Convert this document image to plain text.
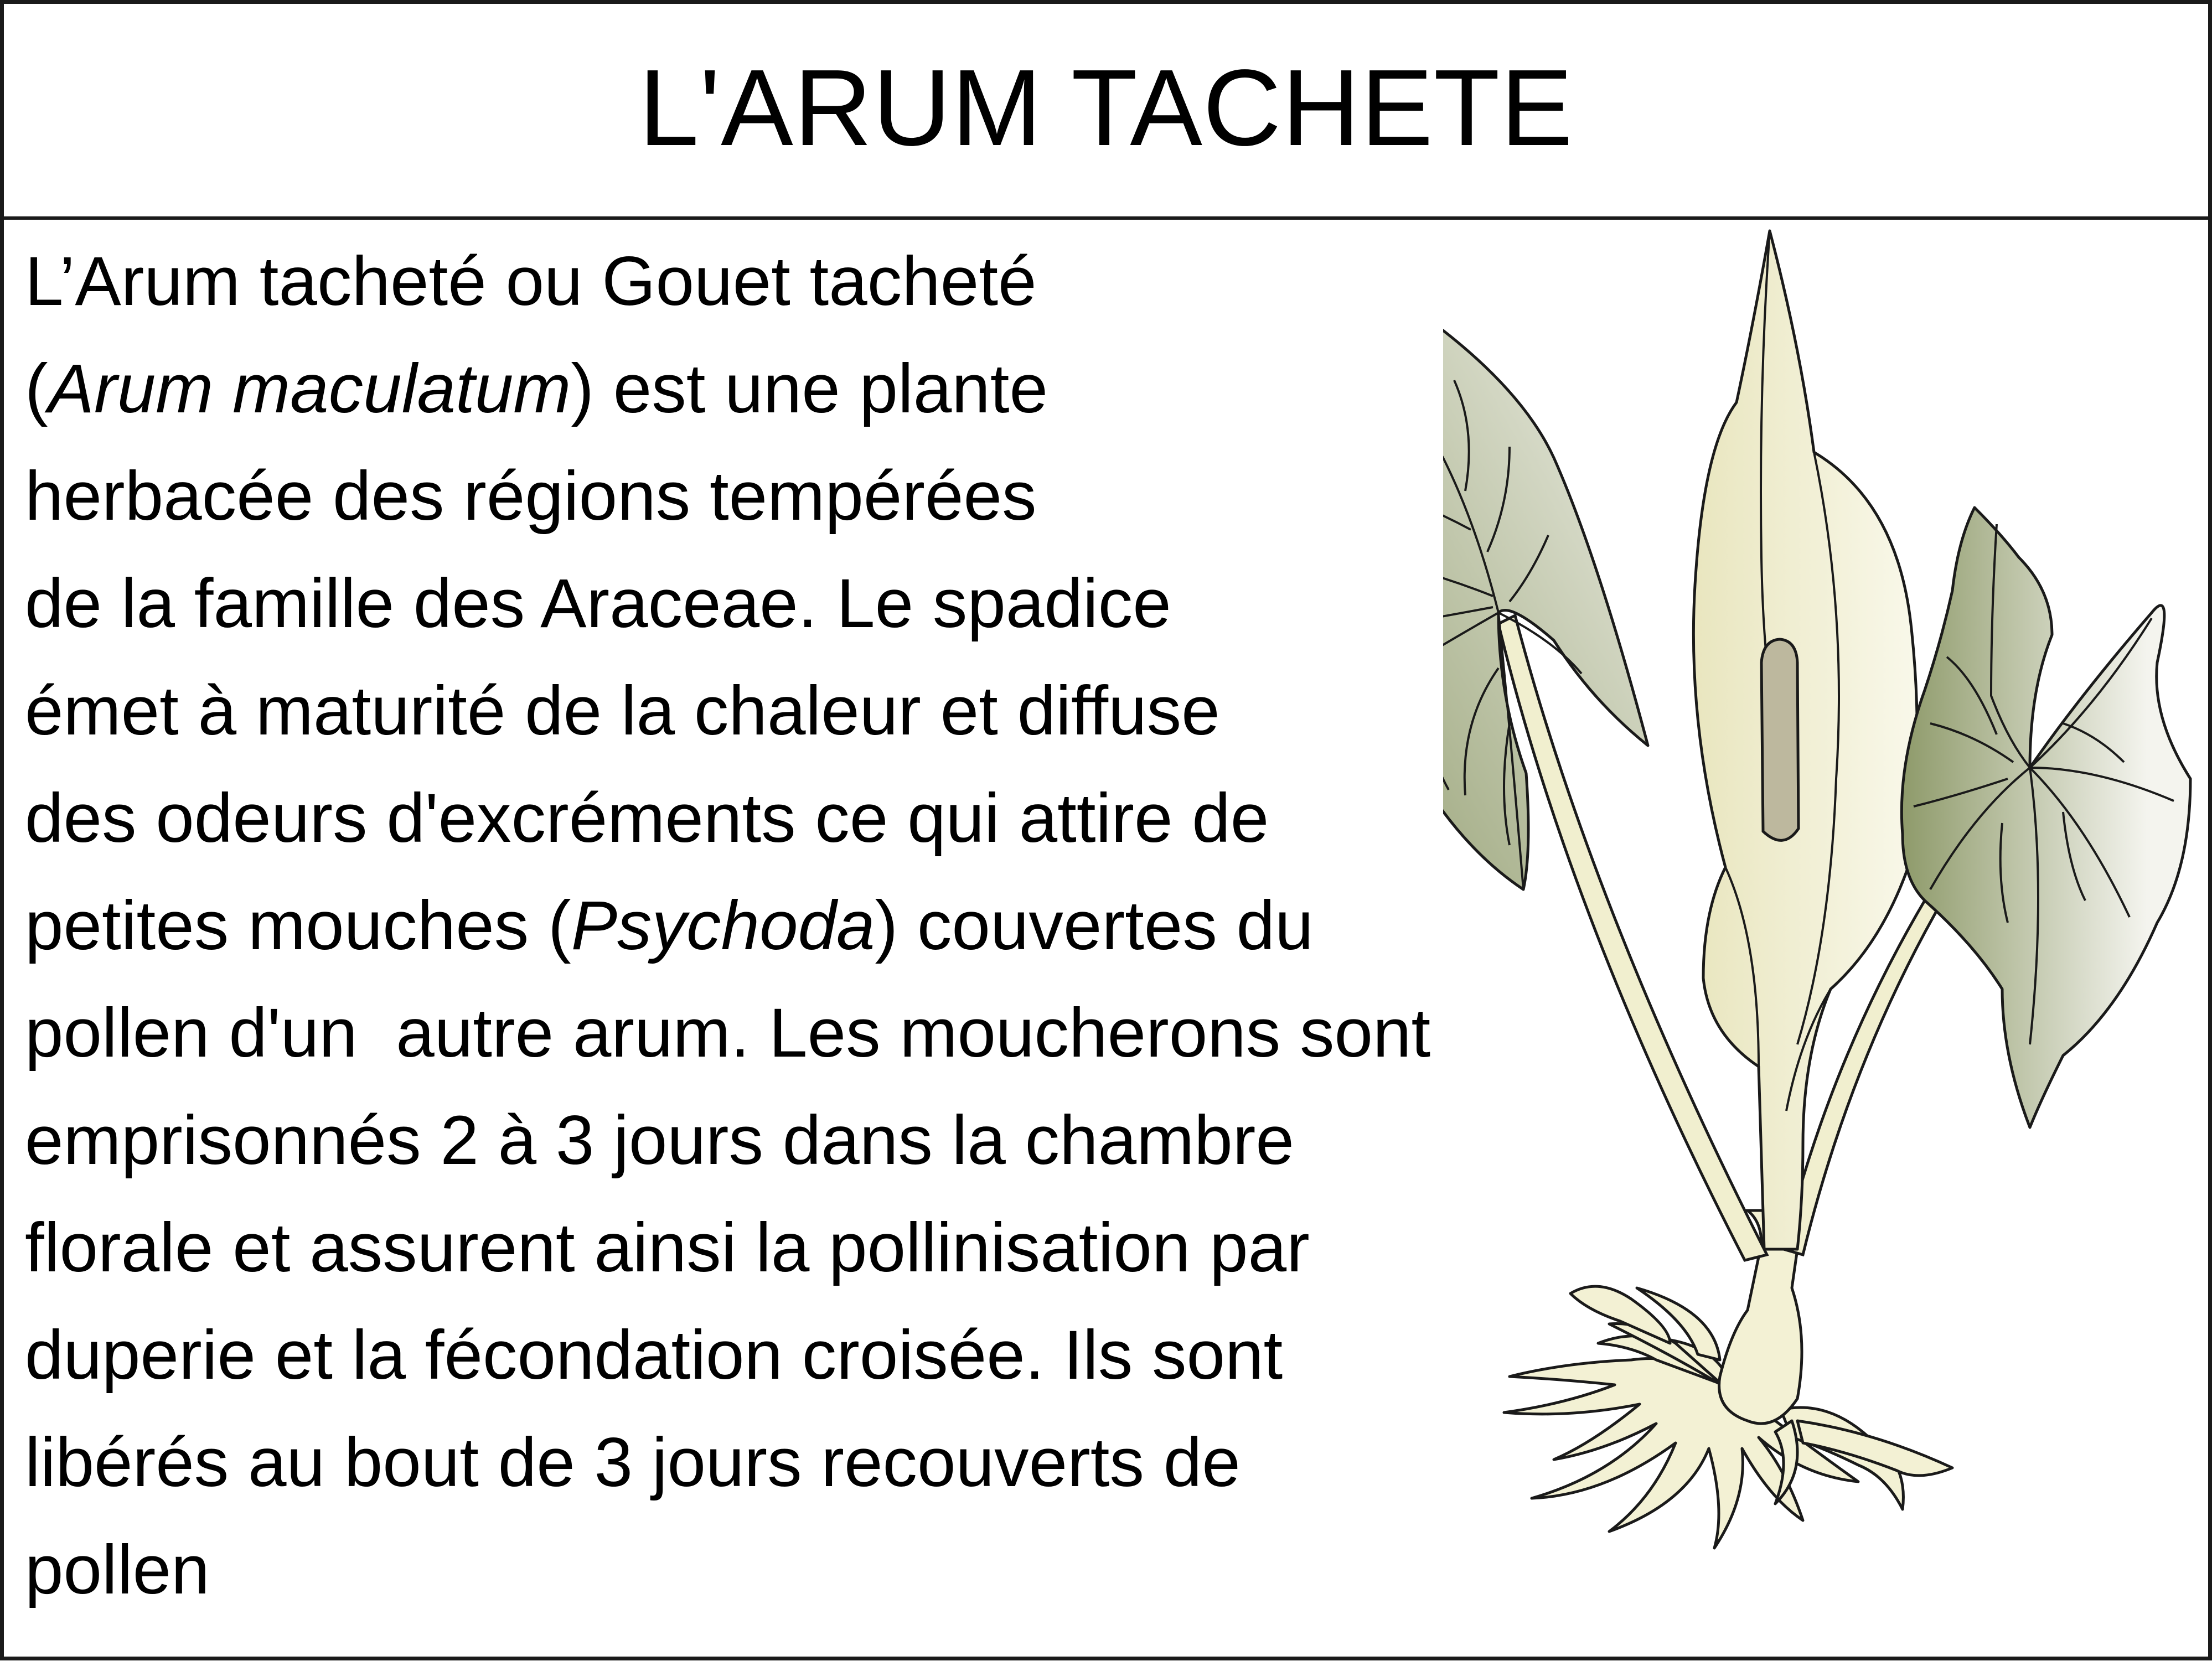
L'ARUM TACHETE

L’Arum tacheté ou Gouet tacheté
(Arum maculatum) est une plante
herbacée des régions tempérées
de la famille des Araceae. Le spadice
émet à maturité de la chaleur et diffuse
des odeurs d'excréments ce qui attire de
petites mouches (Psychoda) couvertes du
pollen d'un  autre arum. Les moucherons sont
emprisonnés 2 à 3 jours dans la chambre
florale et assurent ainsi la pollinisation par
duperie et la fécondation croisée. Ils sont
libérés au bout de 3 jours recouverts de
pollen
